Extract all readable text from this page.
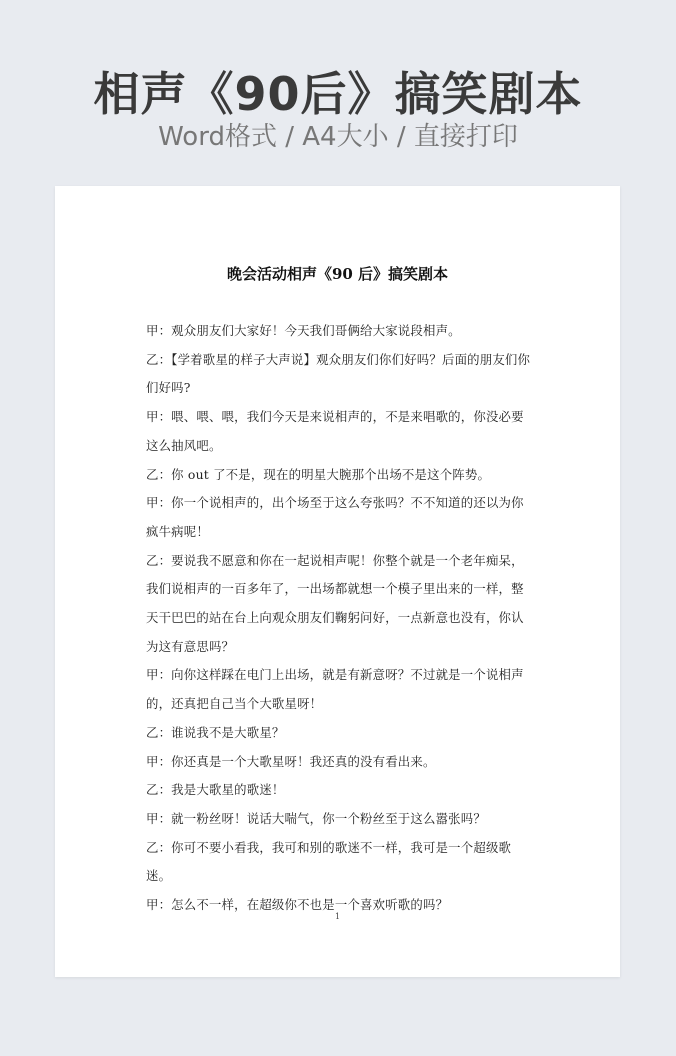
相声《90后》搞笑剧本
Word格式 / A4大小 / 直接打印
晚会活动相声《90 后》搞笑剧本

甲：观众朋友们大家好！今天我们哥俩给大家说段相声。

乙：【学着歌星的样子大声说】观众朋友们你们好吗？后面的朋友们你们好吗?

甲：喂、喂、喂，我们今天是来说相声的，不是来唱歌的，你没必要这么抽风吧。

乙：你 out 了不是，现在的明星大腕那个出场不是这个阵势。

甲：你一个说相声的，出个场至于这么夸张吗？不不知道的还以为你疯牛病呢！

乙：要说我不愿意和你在一起说相声呢！你整个就是一个老年痴呆，我们说相声的一百多年了，一出场都就想一个模子里出来的一样，整天干巴巴的站在台上向观众朋友们鞠躬问好，一点新意也没有，你认为这有意思吗？

甲：向你这样踩在电门上出场，就是有新意呀？不过就是一个说相声的，还真把自己当个大歌星呀！

乙：谁说我不是大歌星？

甲：你还真是一个大歌星呀！我还真的没有看出来。

乙：我是大歌星的歌迷！

甲：就一粉丝呀！说话大喘气，你一个粉丝至于这么嚣张吗？

乙：你可不要小看我，我可和别的歌迷不一样，我可是一个超级歌迷。

甲：怎么不一样，在超级你不也是一个喜欢听歌的吗？

1
